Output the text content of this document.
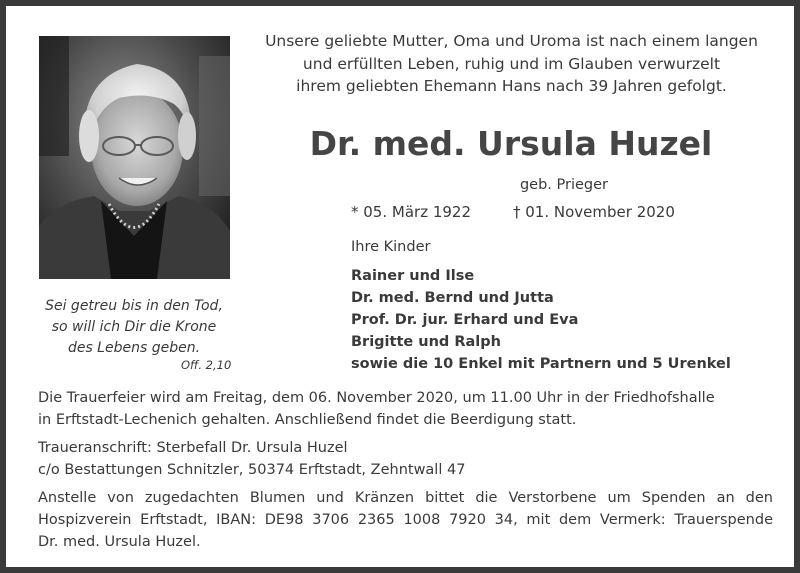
Unsere geliebte Mutter, Oma und Uroma ist nach einem langen
und erfüllten Leben, ruhig und im Glauben verwurzelt
ihrem geliebten Ehemann Hans nach 39 Jahren gefolgt.
Dr. med. Ursula Huzel
geb. Prieger
* 05. März 1922	† 01. November 2020
Ihre Kinder
Rainer und Ilse
Dr. med. Bernd und Jutta
Prof. Dr. jur. Erhard und Eva
Brigitte und Ralph
sowie die 10 Enkel mit Partnern und 5 Urenkel
Sei getreu bis in den Tod,
so will ich Dir die Krone
des Lebens geben.
Off. 2,10
Die Trauerfeier wird am Freitag, dem 06. November 2020, um 11.00 Uhr in der Friedhofshalle
in Erftstadt-Lechenich gehalten. Anschließend findet die Beerdigung statt.
Traueranschrift: Sterbefall Dr. Ursula Huzel
c/o Bestattungen Schnitzler, 50374 Erftstadt, Zehntwall 47
Anstelle von zugedachten Blumen und Kränzen bittet die Verstorbene um Spenden an den
Hospizverein Erftstadt, IBAN: DE98 3706 2365 1008 7920 34, mit dem Vermerk: Trauerspende
Dr. med. Ursula Huzel.
